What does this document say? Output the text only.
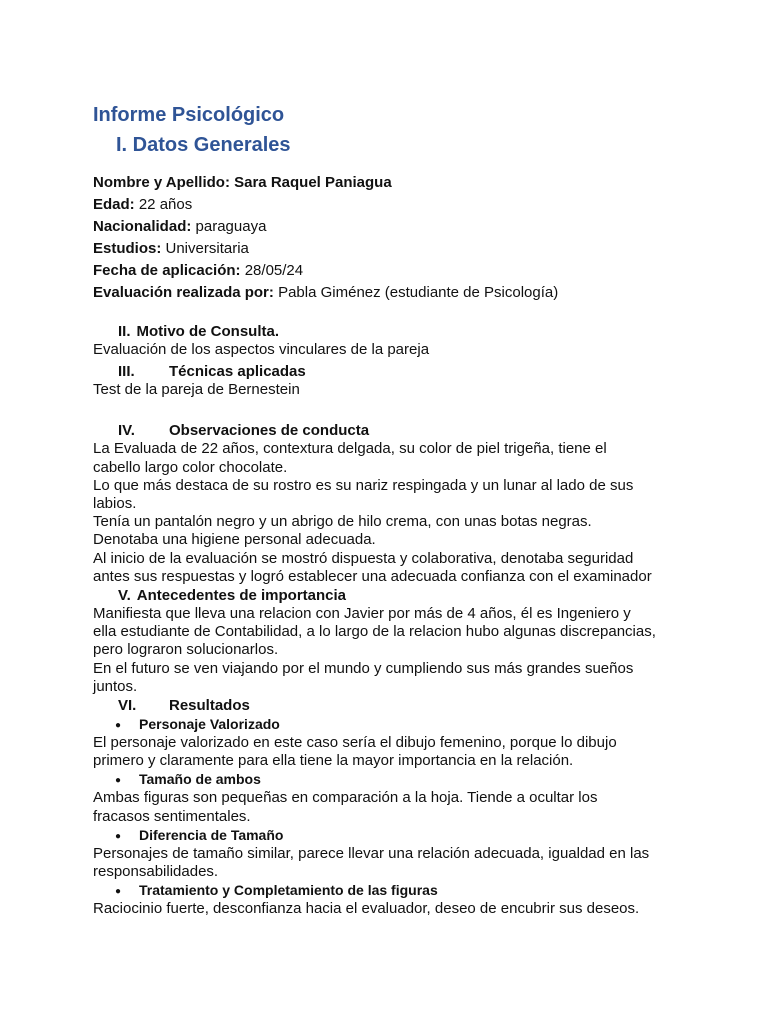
Informe Psicológico
I. Datos Generales
Nombre y Apellido: Sara Raquel Paniagua
Edad: 22 años
Nacionalidad: paraguaya
Estudios: Universitaria
Fecha de aplicación: 28/05/24
Evaluación realizada por: Pabla Giménez (estudiante de Psicología)
II. Motivo de Consulta.
Evaluación de los aspectos vinculares de la pareja
III. Técnicas aplicadas
Test de la pareja de Bernestein
IV. Observaciones de conducta
La Evaluada de 22 años, contextura delgada, su color de piel trigeña, tiene el
cabello largo color chocolate.
Lo que más destaca de su rostro es su nariz respingada y un lunar al lado de sus
labios.
Tenía un pantalón negro y un abrigo de hilo crema, con unas botas negras.
Denotaba una higiene personal adecuada.
Al inicio de la evaluación se mostró dispuesta y colaborativa, denotaba seguridad
antes sus respuestas y logró establecer una adecuada confianza con el examinador
V. Antecedentes de importancia
Manifiesta que lleva una relacion con Javier por más de 4 años, él es Ingeniero y
ella estudiante de Contabilidad, a lo largo de la relacion hubo algunas discrepancias,
pero lograron solucionarlos.
En el futuro se ven viajando por el mundo y cumpliendo sus más grandes sueños
juntos.
VI. Resultados
● Personaje Valorizado
El personaje valorizado en este caso sería el dibujo femenino, porque lo dibujo
primero y claramente para ella tiene la mayor importancia en la relación.
● Tamaño de ambos
Ambas figuras son pequeñas en comparación a la hoja. Tiende a ocultar los
fracasos sentimentales.
● Diferencia de Tamaño
Personajes de tamaño similar, parece llevar una relación adecuada, igualdad en las
responsabilidades.
● Tratamiento y Completamiento de las figuras
Raciocinio fuerte, desconfianza hacia el evaluador, deseo de encubrir sus deseos.
